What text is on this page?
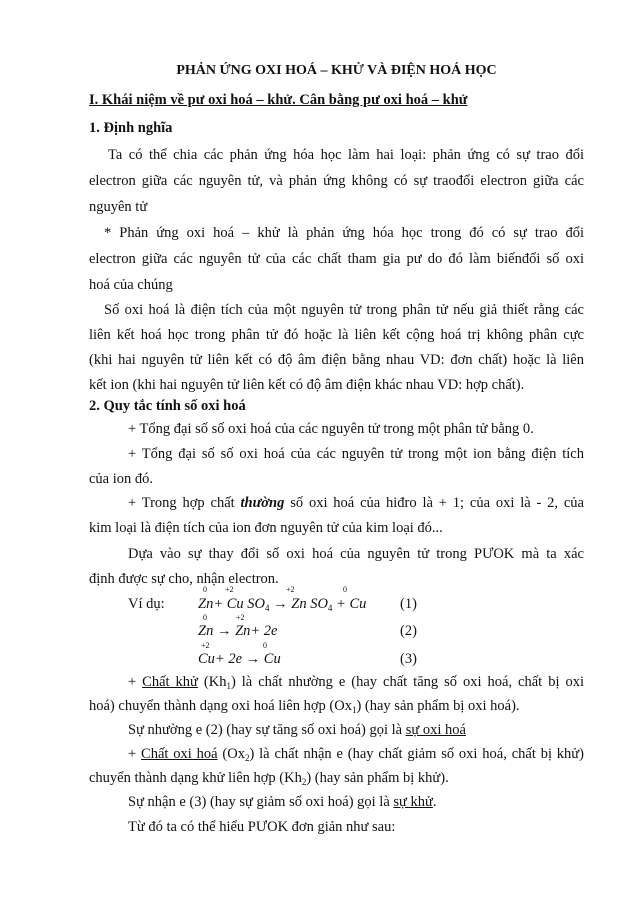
PHẢN ỨNG OXI HOÁ – KHỬ VÀ ĐIỆN HOÁ HỌC
I. Khái niệm về pư oxi hoá – khử. Cân bằng pư oxi hoá – khử
1. Định nghĩa
Ta có thể chia các phản ứng hóa học làm hai loại: phản ứng có sự trao đổi
electron giữa các nguyên tử, và phản ứng không có sự traođổi electron giữa các
nguyên tử
* Phản ứng oxi hoá – khử là phản ứng hóa học trong đó có sự trao đổi
electron giữa các nguyên tử của các chất tham gia pư do đó làm biếnđổi số oxi
hoá của chúng
Số oxi hoá là điện tích của một nguyên tử trong phân tử nếu giả thiết rằng các
liên kết hoá học trong phân tử đó hoặc là liên kết cộng hoá trị không phân cực
(khi hai nguyên tử liên kết có độ âm điện bằng nhau VD: đơn chất) hoặc là liên
kết ion (khi hai nguyên tử liên kết có độ âm điện khác nhau VD: hợp chất).
2. Quy tắc tính số oxi hoá
+ Tổng đại số số oxi hoá của các nguyên tử trong một phân tử bằng 0.
+ Tổng đại số số oxi hoá của các nguyên tử trong một ion bằng điện tích
của ion đó.
+ Trong hợp chất thường số oxi hoá của hiđro là + 1; của oxi là - 2, của
kim loại là điện tích của ion đơn nguyên tử của kim loại đó...
Dựa vào sự thay đổi số oxi hoá của nguyên tử trong PƯOK mà ta xác
định được sự cho, nhận electron.
Ví dụ:
0 +2	+2	0
Zn+ Cu $SO_4 \to Zn$ $SO_4 + Cu$ (1)
0	+2
Zn → Zn+ 2e	(2)
+2	0
Cu+ 2e → Cu	(3)
+ Chất khử $(Kh_1)$ là chất nhường e (hay chất tăng số oxi hoá, chất bị oxi
hoá) chuyển thành dạng oxi hoá liên hợp $(Ox_1)$ (hay sản phẩm bị oxi hoá).
Sự nhường e (2) (hay sự tăng số oxi hoá) gọi là sự oxi hoá
+ Chất oxi hoá $(Ox_2)$ là chất nhận e (hay chất giảm số oxi hoá, chất bị khử)
chuyển thành dạng khử liên hợp $(Kh_2)$ (hay sản phẩm bị khử).
Sự nhận e (3) (hay sự giảm số oxi hoá) gọi là sự khử.
Từ đó ta có thể hiểu PƯOK đơn giản như sau:
